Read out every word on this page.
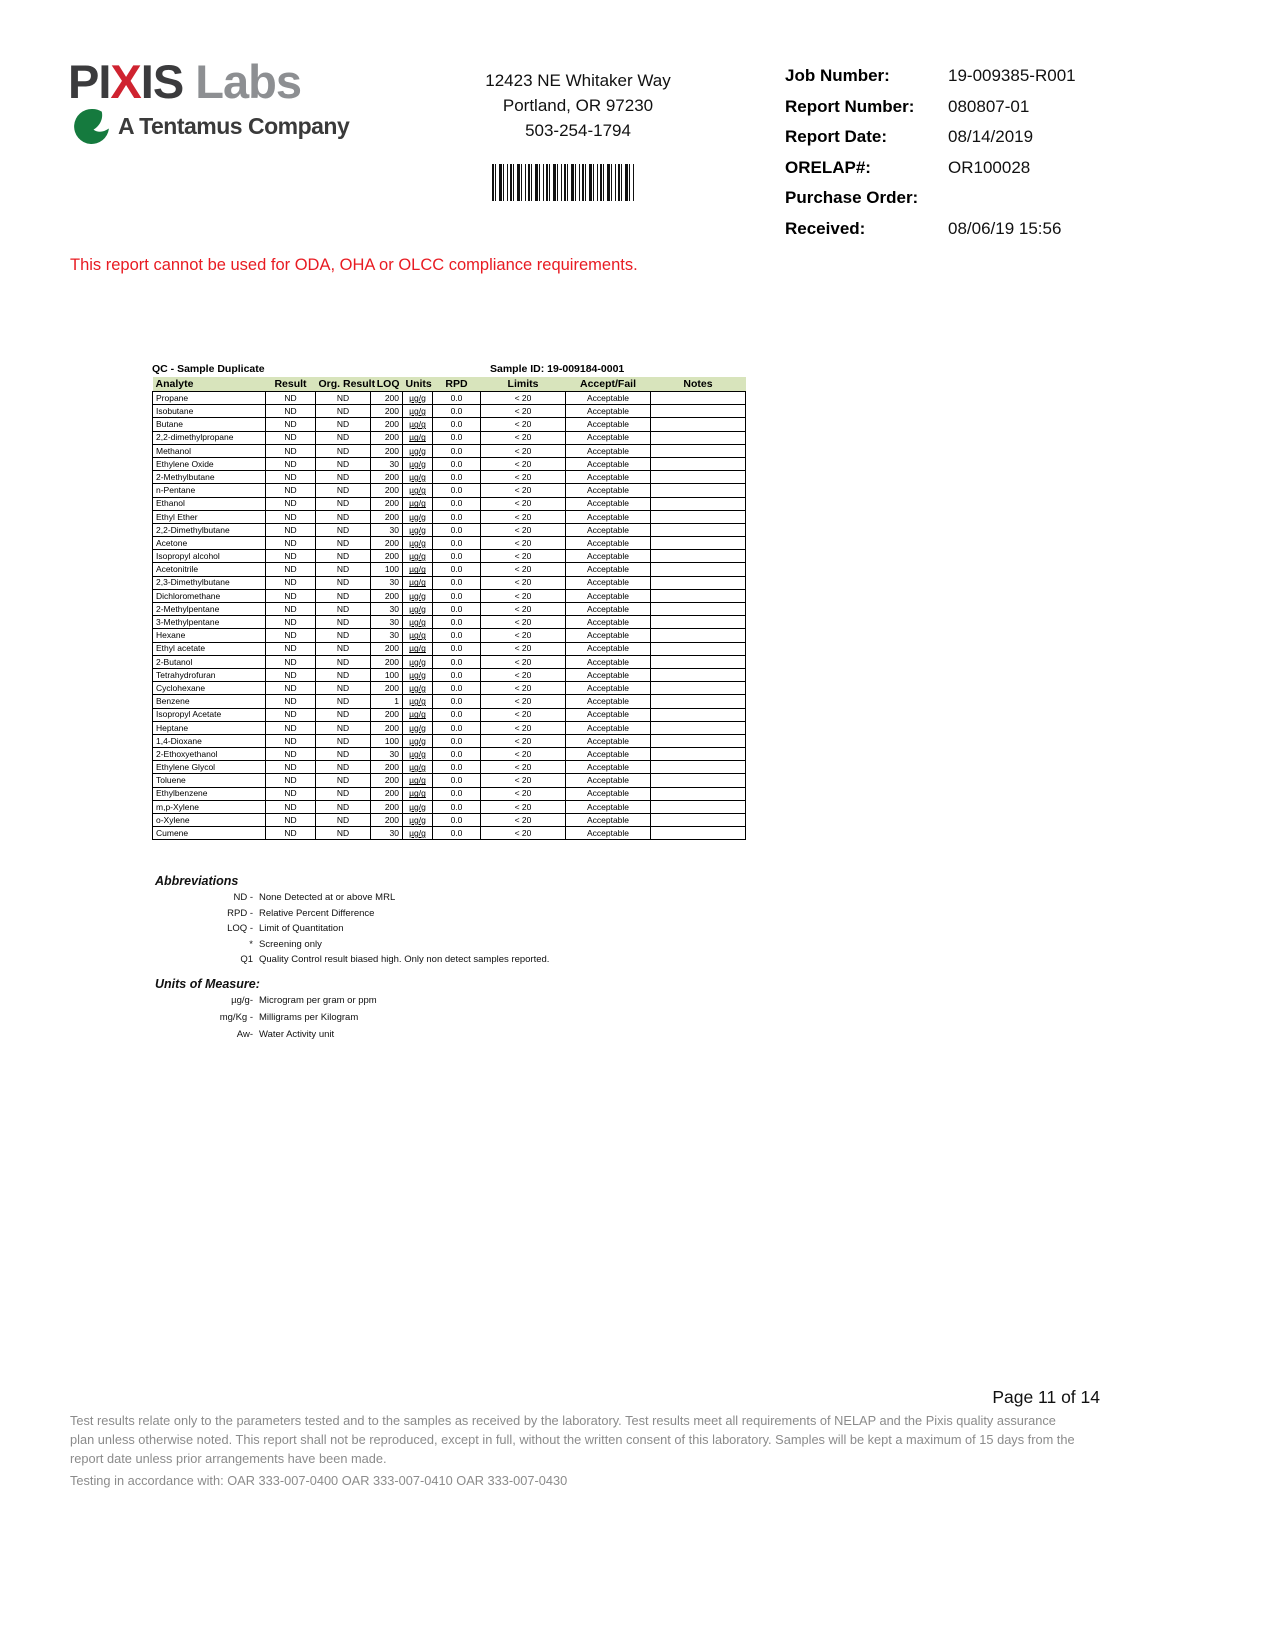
PIXIS Labs
A Tentamus Company
12423 NE Whitaker Way
Portland, OR 97230
503-254-1794
Job Number:	19-009385-R001
Report Number:	080807-01
Report Date:	08/14/2019
ORELAP#:	OR100028
Purchase Order:
Received:	08/06/19 15:56
This report cannot be used for ODA, OHA or OLCC compliance requirements.
QC - Sample Duplicate	Sample ID: 19-009184-0001
Analyte	Result	Org. Result	LOQ	Units	RPD	Limits	Accept/Fail	Notes
Propane	ND	ND	200	µg/g	0.0	< 20	Acceptable	
Isobutane	ND	ND	200	µg/g	0.0	< 20	Acceptable	
Butane	ND	ND	200	µg/g	0.0	< 20	Acceptable	
2,2-dimethylpropane	ND	ND	200	µg/g	0.0	< 20	Acceptable	
Methanol	ND	ND	200	µg/g	0.0	< 20	Acceptable	
Ethylene Oxide	ND	ND	30	µg/g	0.0	< 20	Acceptable	
2-Methylbutane	ND	ND	200	µg/g	0.0	< 20	Acceptable	
n-Pentane	ND	ND	200	µg/g	0.0	< 20	Acceptable	
Ethanol	ND	ND	200	µg/g	0.0	< 20	Acceptable	
Ethyl Ether	ND	ND	200	µg/g	0.0	< 20	Acceptable	
2,2-Dimethylbutane	ND	ND	30	µg/g	0.0	< 20	Acceptable	
Acetone	ND	ND	200	µg/g	0.0	< 20	Acceptable	
Isopropyl alcohol	ND	ND	200	µg/g	0.0	< 20	Acceptable	
Acetonitrile	ND	ND	100	µg/g	0.0	< 20	Acceptable	
2,3-Dimethylbutane	ND	ND	30	µg/g	0.0	< 20	Acceptable	
Dichloromethane	ND	ND	200	µg/g	0.0	< 20	Acceptable	
2-Methylpentane	ND	ND	30	µg/g	0.0	< 20	Acceptable	
3-Methylpentane	ND	ND	30	µg/g	0.0	< 20	Acceptable	
Hexane	ND	ND	30	µg/g	0.0	< 20	Acceptable	
Ethyl acetate	ND	ND	200	µg/g	0.0	< 20	Acceptable	
2-Butanol	ND	ND	200	µg/g	0.0	< 20	Acceptable	
Tetrahydrofuran	ND	ND	100	µg/g	0.0	< 20	Acceptable	
Cyclohexane	ND	ND	200	µg/g	0.0	< 20	Acceptable	
Benzene	ND	ND	1	µg/g	0.0	< 20	Acceptable	
Isopropyl Acetate	ND	ND	200	µg/g	0.0	< 20	Acceptable	
Heptane	ND	ND	200	µg/g	0.0	< 20	Acceptable	
1,4-Dioxane	ND	ND	100	µg/g	0.0	< 20	Acceptable	
2-Ethoxyethanol	ND	ND	30	µg/g	0.0	< 20	Acceptable	
Ethylene Glycol	ND	ND	200	µg/g	0.0	< 20	Acceptable	
Toluene	ND	ND	200	µg/g	0.0	< 20	Acceptable	
Ethylbenzene	ND	ND	200	µg/g	0.0	< 20	Acceptable	
m,p-Xylene	ND	ND	200	µg/g	0.0	< 20	Acceptable	
o-Xylene	ND	ND	200	µg/g	0.0	< 20	Acceptable	
Cumene	ND	ND	30	µg/g	0.0	< 20	Acceptable	
Abbreviations
ND - None Detected at or above MRL
RPD - Relative Percent Difference
LOQ - Limit of Quantitation
* Screening only
Q1 Quality Control result biased high. Only non detect samples reported.
Units of Measure:
µg/g- Microgram per gram or ppm
mg/Kg - Milligrams per Kilogram
Aw- Water Activity unit
Page 11 of 14
Test results relate only to the parameters tested and to the samples as received by the laboratory. Test results meet all requirements of NELAP and the Pixis quality assurance plan unless otherwise noted. This report shall not be reproduced, except in full, without the written consent of this laboratory. Samples will be kept a maximum of 15 days from the report date unless prior arrangements have been made.
Testing in accordance with: OAR 333-007-0400 OAR 333-007-0410 OAR 333-007-0430
